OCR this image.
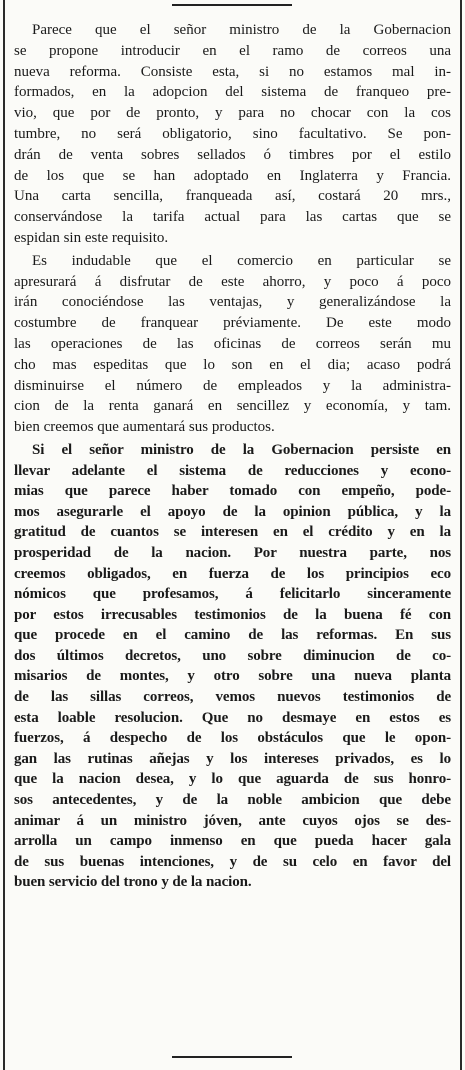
Parece que el señor ministro de la Gobernacion
se propone introducir en el ramo de correos una
nueva reforma. Consiste esta, si no estamos mal in-
formados, en la adopcion del sistema de franqueo pre-
vio, que por de pronto, y para no chocar con la cos
tumbre, no será obligatorio, sino facultativo. Se pon-
drán de venta sobres sellados ó timbres por el estilo
de los que se han adoptado en Inglaterra y Francia.
Una carta sencilla, franqueada así, costará 20 mrs.,
conservándose la tarifa actual para las cartas que se
espidan sin este requisito.
Es indudable que el comercio en particular se
apresurará á disfrutar de este ahorro, y poco á poco
irán conociéndose las ventajas, y generalizándose la
costumbre de franquear préviamente. De este modo
las operaciones de las oficinas de correos serán mu
cho mas espeditas que lo son en el dia; acaso podrá
disminuirse el número de empleados y la administra-
cion de la renta ganará en sencillez y economía, y tam.
bien creemos que aumentará sus productos.
Si el señor ministro de la Gobernacion persiste en
llevar adelante el sistema de reducciones y econo-
mias que parece haber tomado con empeño, pode-
mos asegurarle el apoyo de la opinion pública, y la
gratitud de cuantos se interesen en el crédito y en la
prosperidad de la nacion. Por nuestra parte, nos
creemos obligados, en fuerza de los principios eco
nómicos que profesamos, á felicitarlo sinceramente
por estos irrecusables testimonios de la buena fé con
que procede en el camino de las reformas. En sus
dos últimos decretos, uno sobre diminucion de co-
misarios de montes, y otro sobre una nueva planta
de las sillas correos, vemos nuevos testimonios de
esta loable resolucion. Que no desmaye en estos es
fuerzos, á despecho de los obstáculos que le opon-
gan las rutinas añejas y los intereses privados, es lo
que la nacion desea, y lo que aguarda de sus honro-
sos antecedentes, y de la noble ambicion que debe
animar á un ministro jóven, ante cuyos ojos se des-
arrolla un campo inmenso en que pueda hacer gala
de sus buenas intenciones, y de su celo en favor del
buen servicio del trono y de la nacion.
